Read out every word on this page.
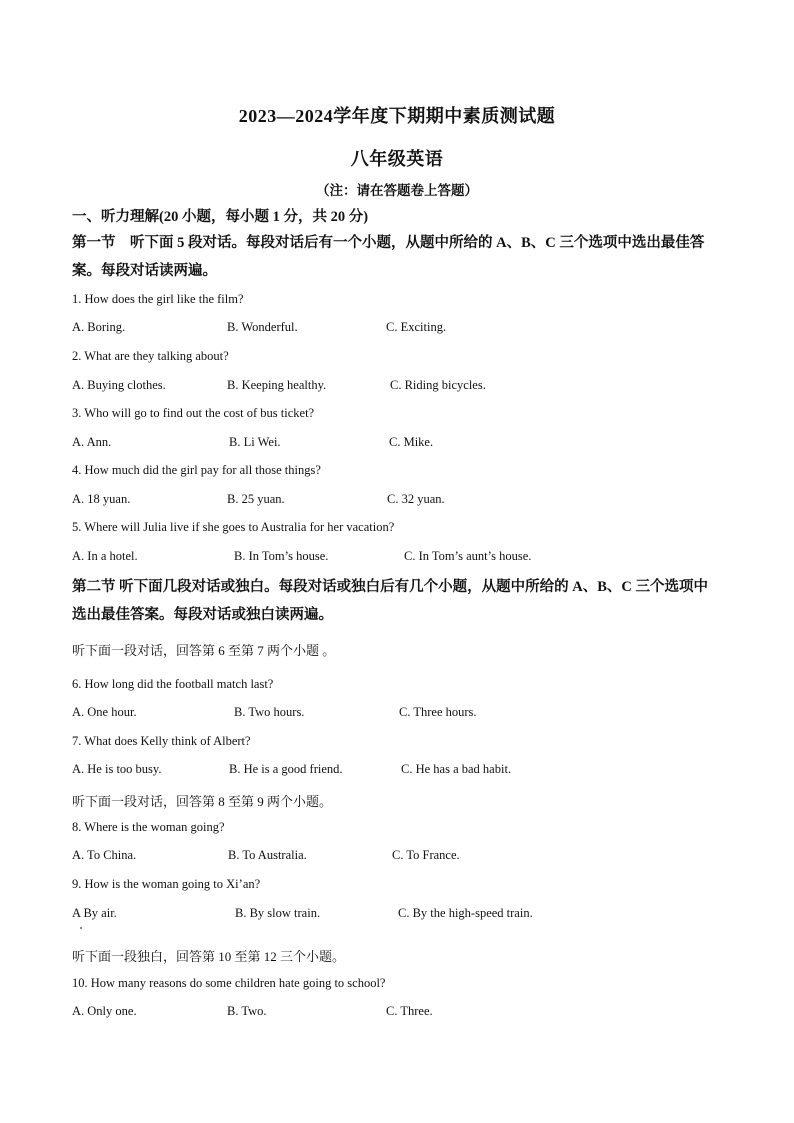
2023—2024学年度下期期中素质测试题
八年级英语
（注：请在答题卷上答题）
一、听力理解(20 小题，每小题 1 分，共 20 分)
第一节　听下面 5 段对话。每段对话后有一个小题，从题中所给的 A、B、C 三个选项中选出最佳答案。每段对话读两遍。
1. How does the girl like the film?
A. Boring.	B. Wonderful.	C. Exciting.
2. What are they talking about?
A. Buying clothes.	B. Keeping healthy.	C. Riding bicycles.
3. Who will go to find out the cost of bus ticket?
A. Ann.	B. Li Wei.	C. Mike.
4. How much did the girl pay for all those things?
A. 18 yuan.	B. 25 yuan.	C. 32 yuan.
5. Where will Julia live if she goes to Australia for her vacation?
A. In a hotel.	B. In Tom’s house.	C. In Tom’s aunt’s house.
第二节 听下面几段对话或独白。每段对话或独白后有几个小题，从题中所给的 A、B、C 三个选项中选出最佳答案。每段对话或独白读两遍。
听下面一段对话，回答第 6 至第 7 两个小题 。
6. How long did the football match last?
A. One hour.	B. Two hours.	C. Three hours.
7. What does Kelly think of Albert?
A. He is too busy.	B. He is a good friend.	C. He has a bad habit.
听下面一段对话，回答第 8 至第 9 两个小题。
8. Where is the woman going?
A. To China.	B. To Australia.	C. To France.
9. How is the woman going to Xi’an?
A By air.	B. By slow train.	C. By the high-speed train.
听下面一段独白，回答第 10 至第 12 三个小题。
10. How many reasons do some children hate going to school?
A. Only one.	B. Two.	C. Three.
